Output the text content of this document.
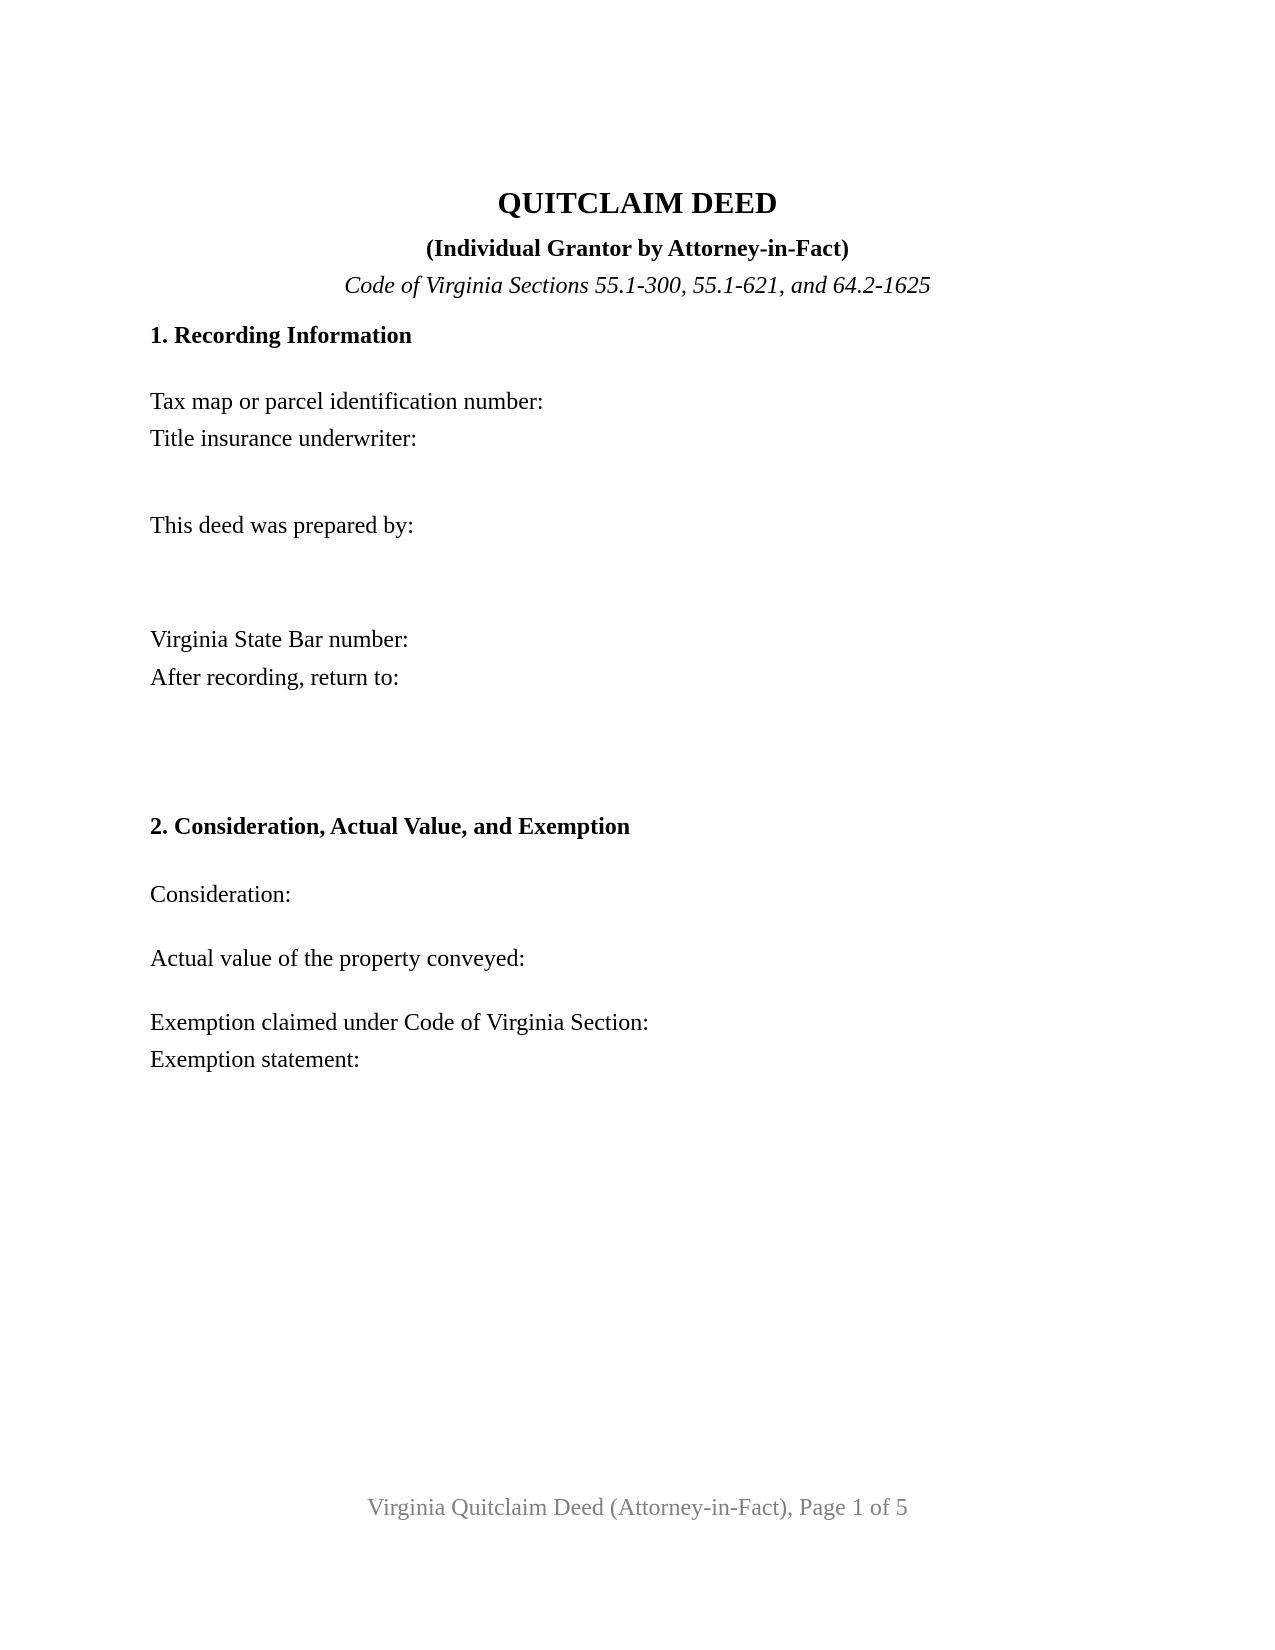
QUITCLAIM DEED
(Individual Grantor by Attorney-in-Fact)
Code of Virginia Sections 55.1-300, 55.1-621, and 64.2-1625
1. Recording Information
Tax map or parcel identification number:
Title insurance underwriter:
This deed was prepared by:
Virginia State Bar number:
After recording, return to:
2. Consideration, Actual Value, and Exemption
Consideration:
Actual value of the property conveyed:
Exemption claimed under Code of Virginia Section:
Exemption statement:
Virginia Quitclaim Deed (Attorney-in-Fact), Page 1 of 5
